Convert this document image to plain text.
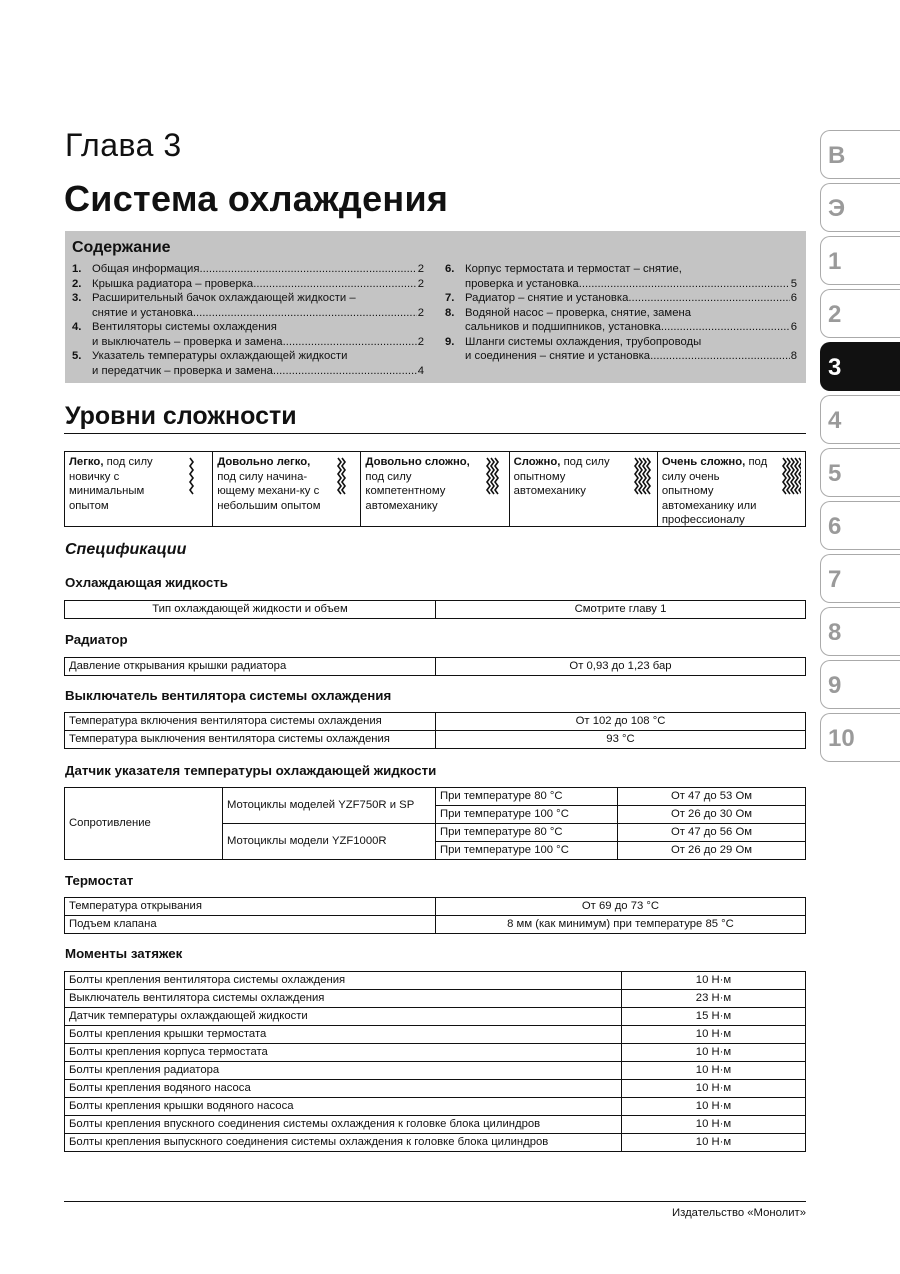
Глава 3
Система охлаждения
Содержание
1. Общая информация .....	2
2. Крышка радиатора – проверка .....	2
3. Расширительный бачок охлаждающей жидкости –
снятие и установка .....	2
4. Вентиляторы системы охлаждения
и выключатель – проверка и замена .....	2
5. Указатель температуры охлаждающей жидкости
и передатчик – проверка и замена .....	4
6. Корпус термостата и термостат – снятие,
проверка и установка .....	5
7. Радиатор – снятие и установка .....	6
8. Водяной насос – проверка, снятие, замена
сальников и подшипников, установка .....	6
9. Шланги системы охлаждения, трубопроводы
и соединения – снятие и установка .....	8
Уровни сложности
Легко, под силу новичку с минимальным опытом
Довольно легко, под силу начина-ющему механи-ку с небольшим опытом
Довольно сложно, под силу компетентному автомеханику
Сложно, под силу опытному автомеханику
Очень сложно, под силу очень опытному автомеханику или профессионалу
Спецификации
Охлаждающая жидкость
Тип охлаждающей жидкости и объем	Смотрите главу 1
Радиатор
Давление открывания крышки радиатора	От 0,93 до 1,23 бар
Выключатель вентилятора системы охлаждения
Температура включения вентилятора системы охлаждения	От 102 до 108 °С
Температура выключения вентилятора системы охлаждения	93 °С
Датчик указателя температуры охлаждающей жидкости
Сопротивление	Мотоциклы моделей YZF750R и SP	При температуре 80 °С	От 47 до 53 Ом
		При температуре 100 °С	От 26 до 30 Ом
	Мотоциклы модели YZF1000R	При температуре 80 °С	От 47 до 56 Ом
		При температуре 100 °С	От 26 до 29 Ом
Термостат
Температура открывания	От 69 до 73 °С
Подъем клапана	8 мм (как минимум) при температуре 85 °С
Моменты затяжек
Болты крепления вентилятора системы охлаждения	10 Н·м
Выключатель вентилятора системы охлаждения	23 Н·м
Датчик температуры охлаждающей жидкости	15 Н·м
Болты крепления крышки термостата	10 Н·м
Болты крепления корпуса термостата	10 Н·м
Болты крепления радиатора	10 Н·м
Болты крепления водяного насоса	10 Н·м
Болты крепления крышки водяного насоса	10 Н·м
Болты крепления впускного соединения системы охлаждения к головке блока цилиндров	10 Н·м
Болты крепления выпускного соединения системы охлаждения к головке блока цилиндров	10 Н·м
В
Э
1
2
3
4
5
6
7
8
9
10
Издательство «Монолит»
